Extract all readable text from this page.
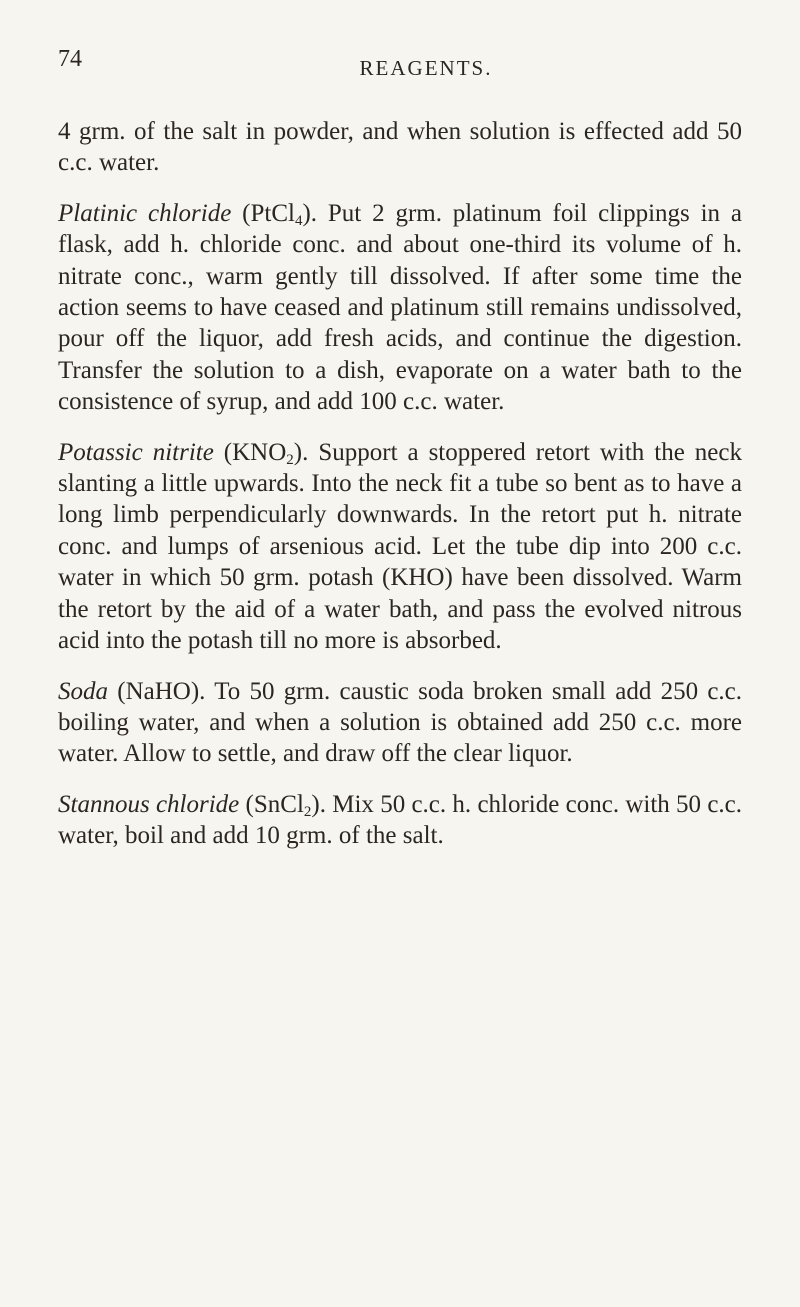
74	REAGENTS.

4 grm. of the salt in powder, and when solution is effected add 50 c.c. water.

Platinic chloride (PtCl$_4$). Put 2 grm. platinum foil clippings in a flask, add h. chloride conc. and about one-third its volume of h. nitrate conc., warm gently till dissolved. If after some time the action seems to have ceased and platinum still remains undissolved, pour off the liquor, add fresh acids, and continue the digestion. Transfer the solution to a dish, evaporate on a water bath to the consistence of syrup, and add 100 c.c. water.

Potassic nitrite $(KNO_2)$. Support a stoppered retort with the neck slanting a little upwards. Into the neck fit a tube so bent as to have a long limb perpendicularly downwards. In the retort put h. nitrate conc. and lumps of arsenious acid. Let the tube dip into 200 c.c. water in which 50 grm. potash (KHO) have been dissolved. Warm the retort by the aid of a water bath, and pass the evolved nitrous acid into the potash till no more is absorbed.

Soda (NaHO). To 50 grm. caustic soda broken small add 250 c.c. boiling water, and when a solution is obtained add 250 c.c. more water. Allow to settle, and draw off the clear liquor.

Stannous chloride (SnCl$_2$). Mix 50 c.c. h. chloride conc. with 50 c.c. water, boil and add 10 grm. of the salt.
